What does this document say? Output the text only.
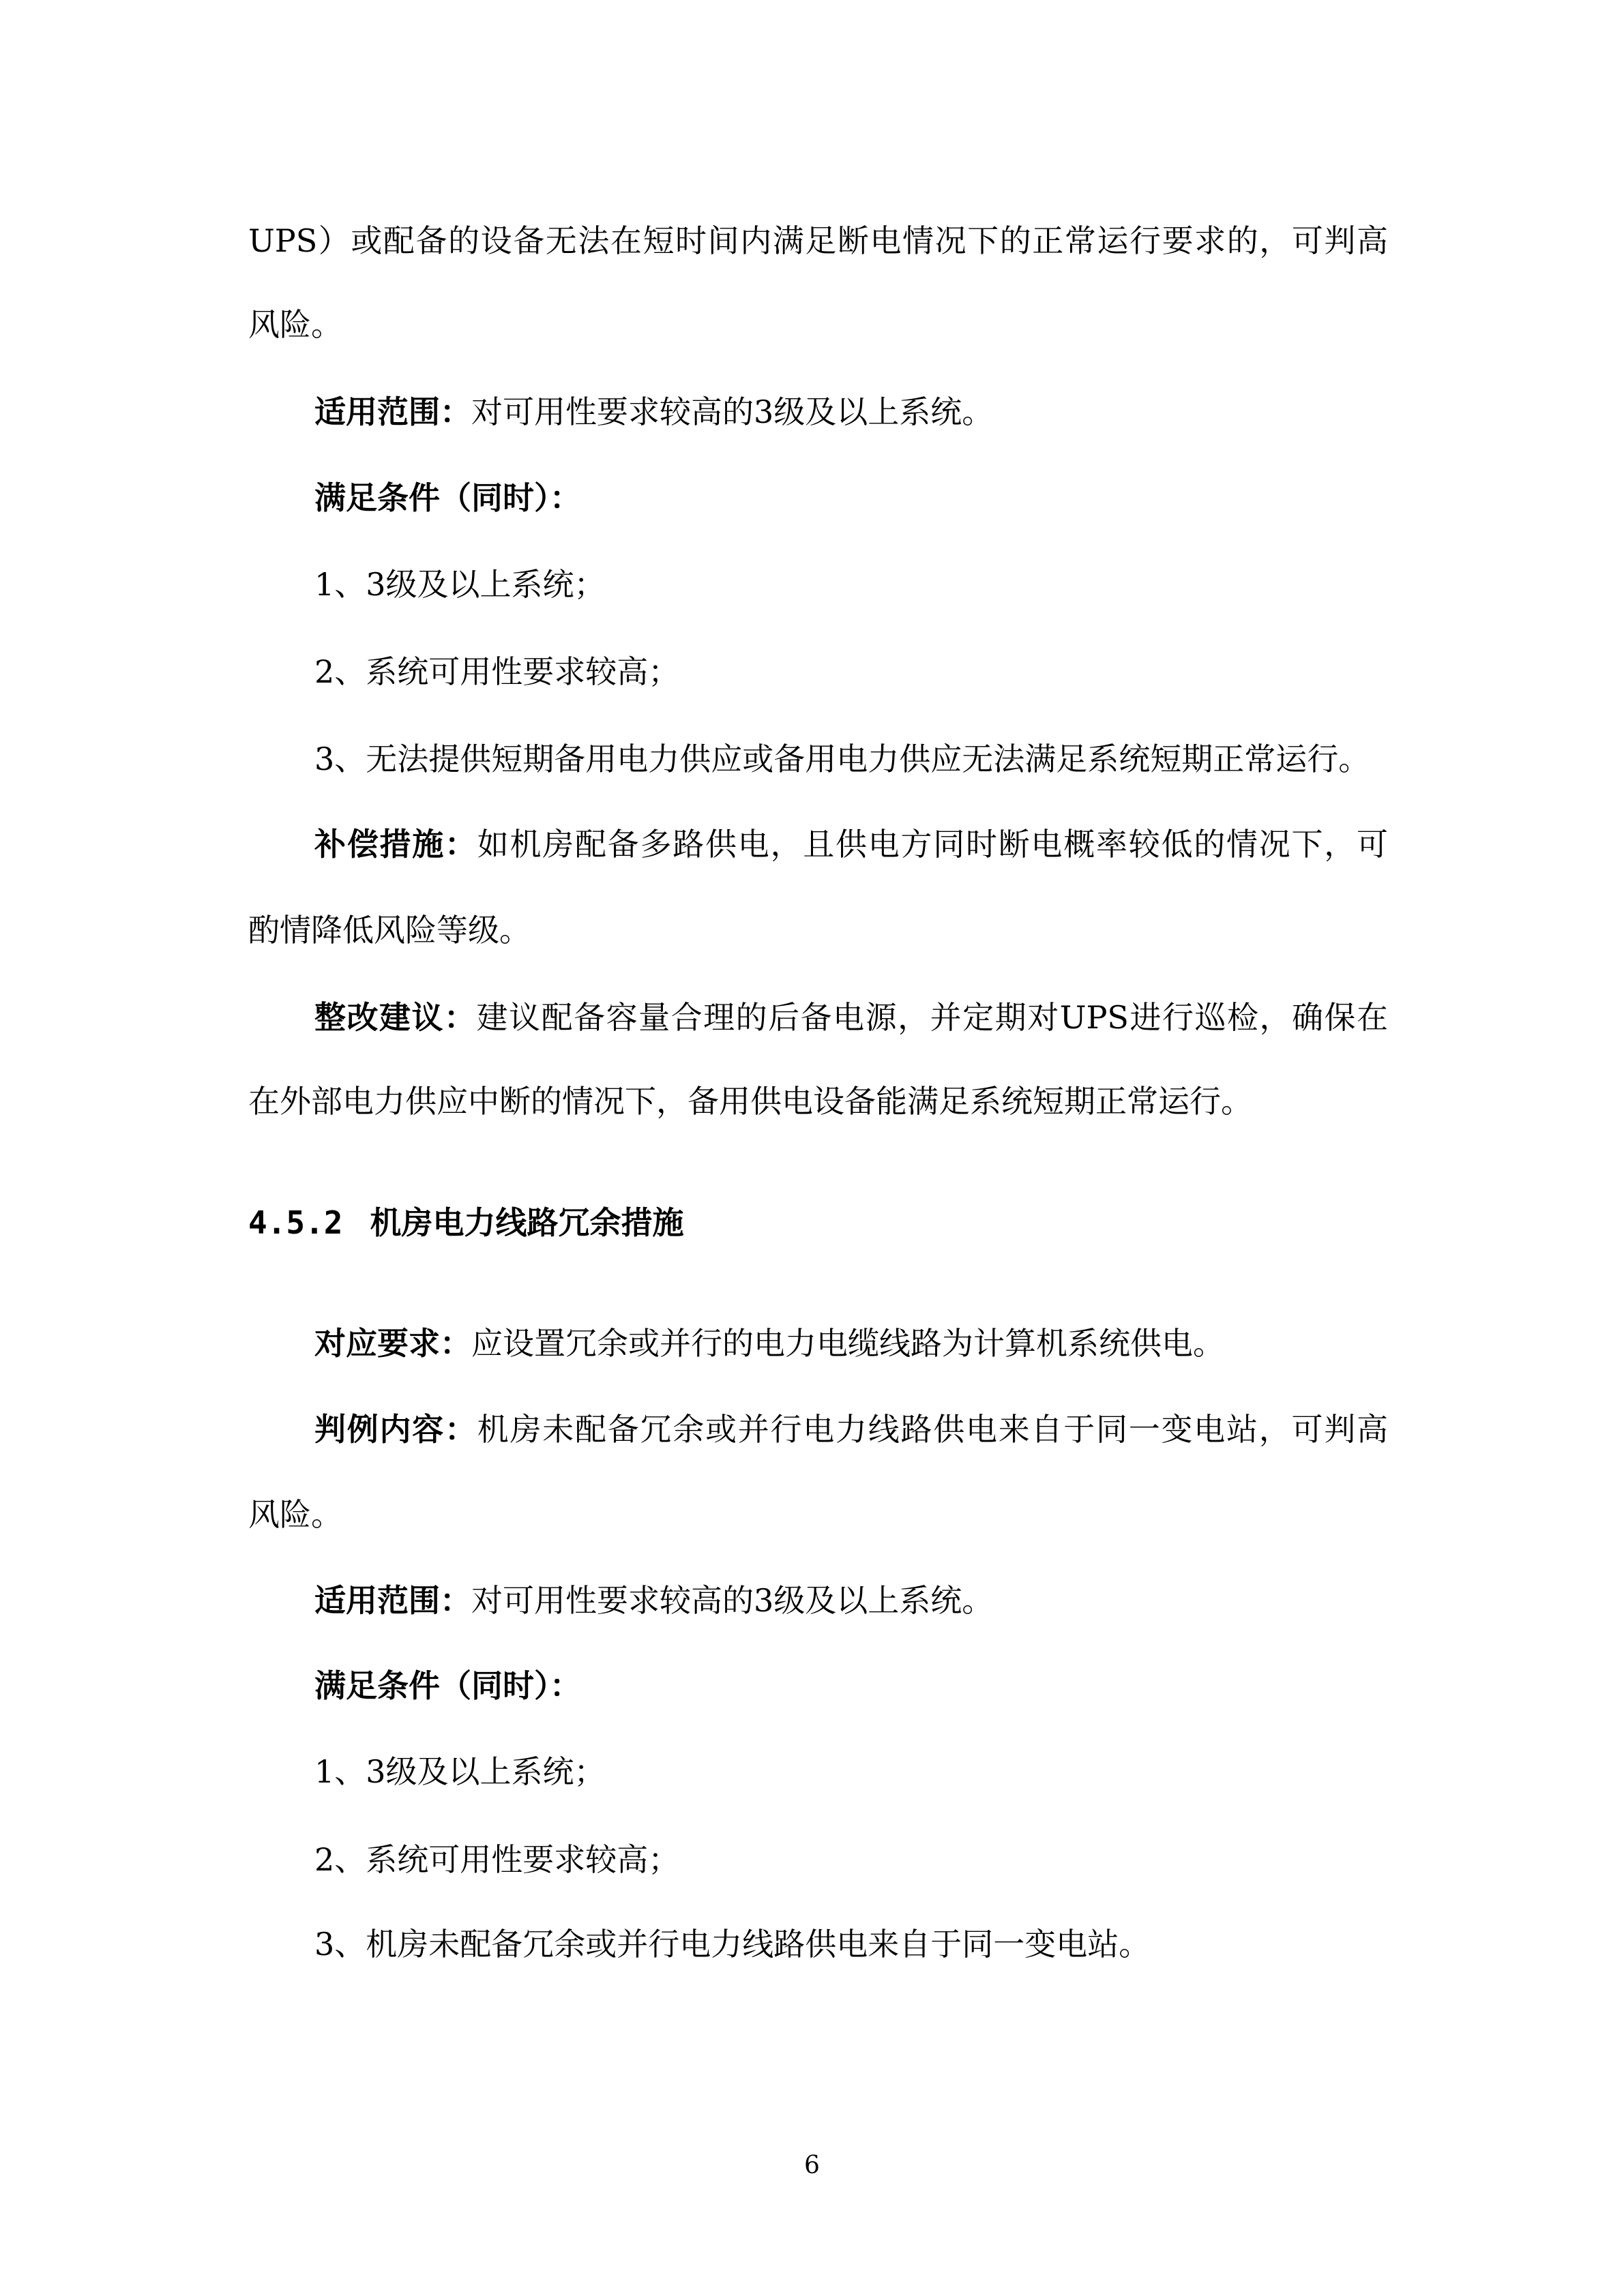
UPS）或配备的设备无法在短时间内满足断电情况下的正常运行要求的，可判高
风险。
适用范围：对可用性要求较高的3级及以上系统。
满足条件（同时）：
1、3级及以上系统；
2、系统可用性要求较高；
3、无法提供短期备用电力供应或备用电力供应无法满足系统短期正常运行。
补偿措施：如机房配备多路供电，且供电方同时断电概率较低的情况下，可
酌情降低风险等级。
整改建议：建议配备容量合理的后备电源，并定期对UPS进行巡检，确保在
在外部电力供应中断的情况下，备用供电设备能满足系统短期正常运行。
4.5.2 机房电力线路冗余措施
对应要求：应设置冗余或并行的电力电缆线路为计算机系统供电。
判例内容：机房未配备冗余或并行电力线路供电来自于同一变电站，可判高
风险。
适用范围：对可用性要求较高的3级及以上系统。
满足条件（同时）：
1、3级及以上系统；
2、系统可用性要求较高；
3、机房未配备冗余或并行电力线路供电来自于同一变电站。
6
